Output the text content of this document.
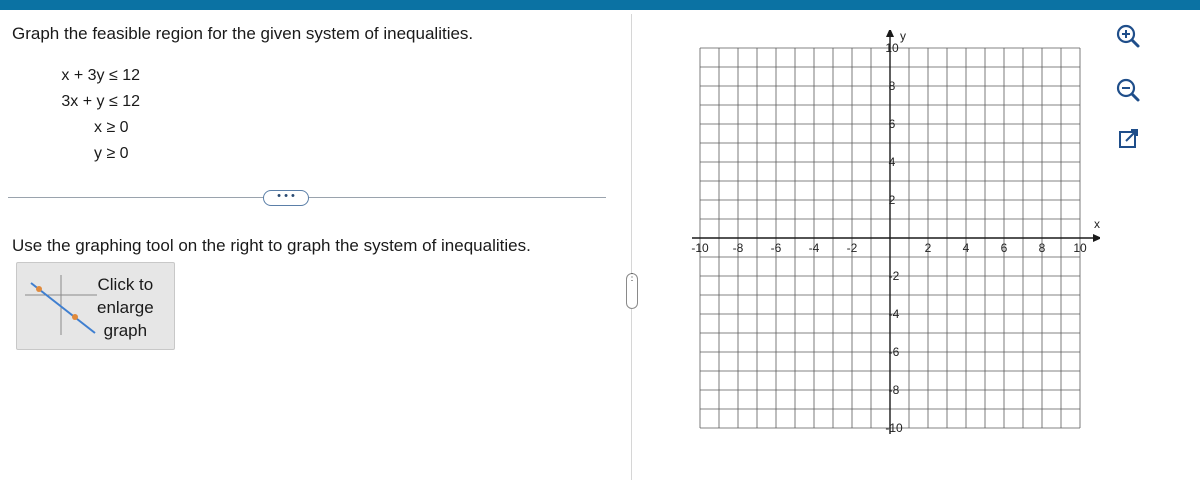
Graph the feasible region for the given system of inequalities.
x + 3y ≤ 12
3x + y ≤ 12
x ≥ 0
y ≥ 0
• • •
Use the graphing tool on the right to graph the system of inequalities.
Click to
enlarge
graph
⋮
-10 -8 -6 -4 -2	2	4	6	8 10
10
8
6
4
2
-2
-4
-6
-8
-10
x
y
